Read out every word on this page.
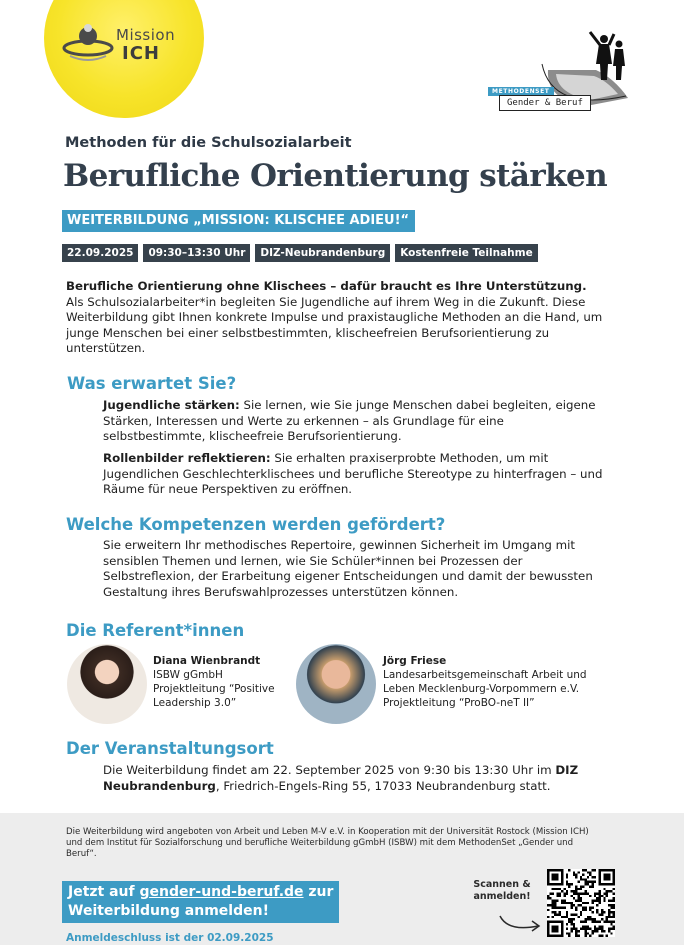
Mission
ICH
METHODENSET
Gender & Beruf
Methoden für die Schulsozialarbeit
Berufliche Orientierung stärken
WEITERBILDUNG „MISSION: KLISCHEE ADIEU!“
22.09.2025	09:30–13:30 Uhr	DIZ-Neubrandenburg	Kostenfreie Teilnahme
Berufliche Orientierung ohne Klischees – dafür braucht es Ihre Unterstützung.
Als Schulsozialarbeiter*in begleiten Sie Jugendliche auf ihrem Weg in die Zukunft. Diese Weiterbildung gibt Ihnen konkrete Impulse und praxistaugliche Methoden an die Hand, um junge Menschen bei einer selbstbestimmten, klischeefreien Berufsorientierung zu unterstützen.
Was erwartet Sie?
Jugendliche stärken: Sie lernen, wie Sie junge Menschen dabei begleiten, eigene Stärken, Interessen und Werte zu erkennen – als Grundlage für eine selbstbestimmte, klischeefreie Berufsorientierung.
Rollenbilder reflektieren: Sie erhalten praxiserprobte Methoden, um mit Jugendlichen Geschlechterklischees und berufliche Stereotype zu hinterfragen – und Räume für neue Perspektiven zu eröffnen.
Welche Kompetenzen werden gefördert?
Sie erweitern Ihr methodisches Repertoire, gewinnen Sicherheit im Umgang mit sensiblen Themen und lernen, wie Sie Schüler*innen bei Prozessen der Selbstreflexion, der Erarbeitung eigener Entscheidungen und damit der bewussten Gestaltung ihres Berufswahlprozesses unterstützen können.
Die Referent*innen
Diana Wienbrandt
ISBW gGmbH
Projektleitung “Positive Leadership 3.0”
Jörg Friese
Landesarbeitsgemeinschaft Arbeit und Leben Mecklenburg-Vorpommern e.V.
Projektleitung “ProBO-neT II”
Der Veranstaltungsort
Die Weiterbildung findet am 22. September 2025 von 9:30 bis 13:30 Uhr im DIZ Neubrandenburg, Friedrich-Engels-Ring 55, 17033 Neubrandenburg statt.
Die Weiterbildung wird angeboten von Arbeit und Leben M-V e.V. in Kooperation mit der Universität Rostock (Mission ICH) und dem Institut für Sozialforschung und berufliche Weiterbildung gGmbH (ISBW) mit dem MethodenSet „Gender und Beruf“.
Jetzt auf gender-und-beruf.de zur
Weiterbildung anmelden!
Anmeldeschluss ist der 02.09.2025
Scannen & anmelden!
